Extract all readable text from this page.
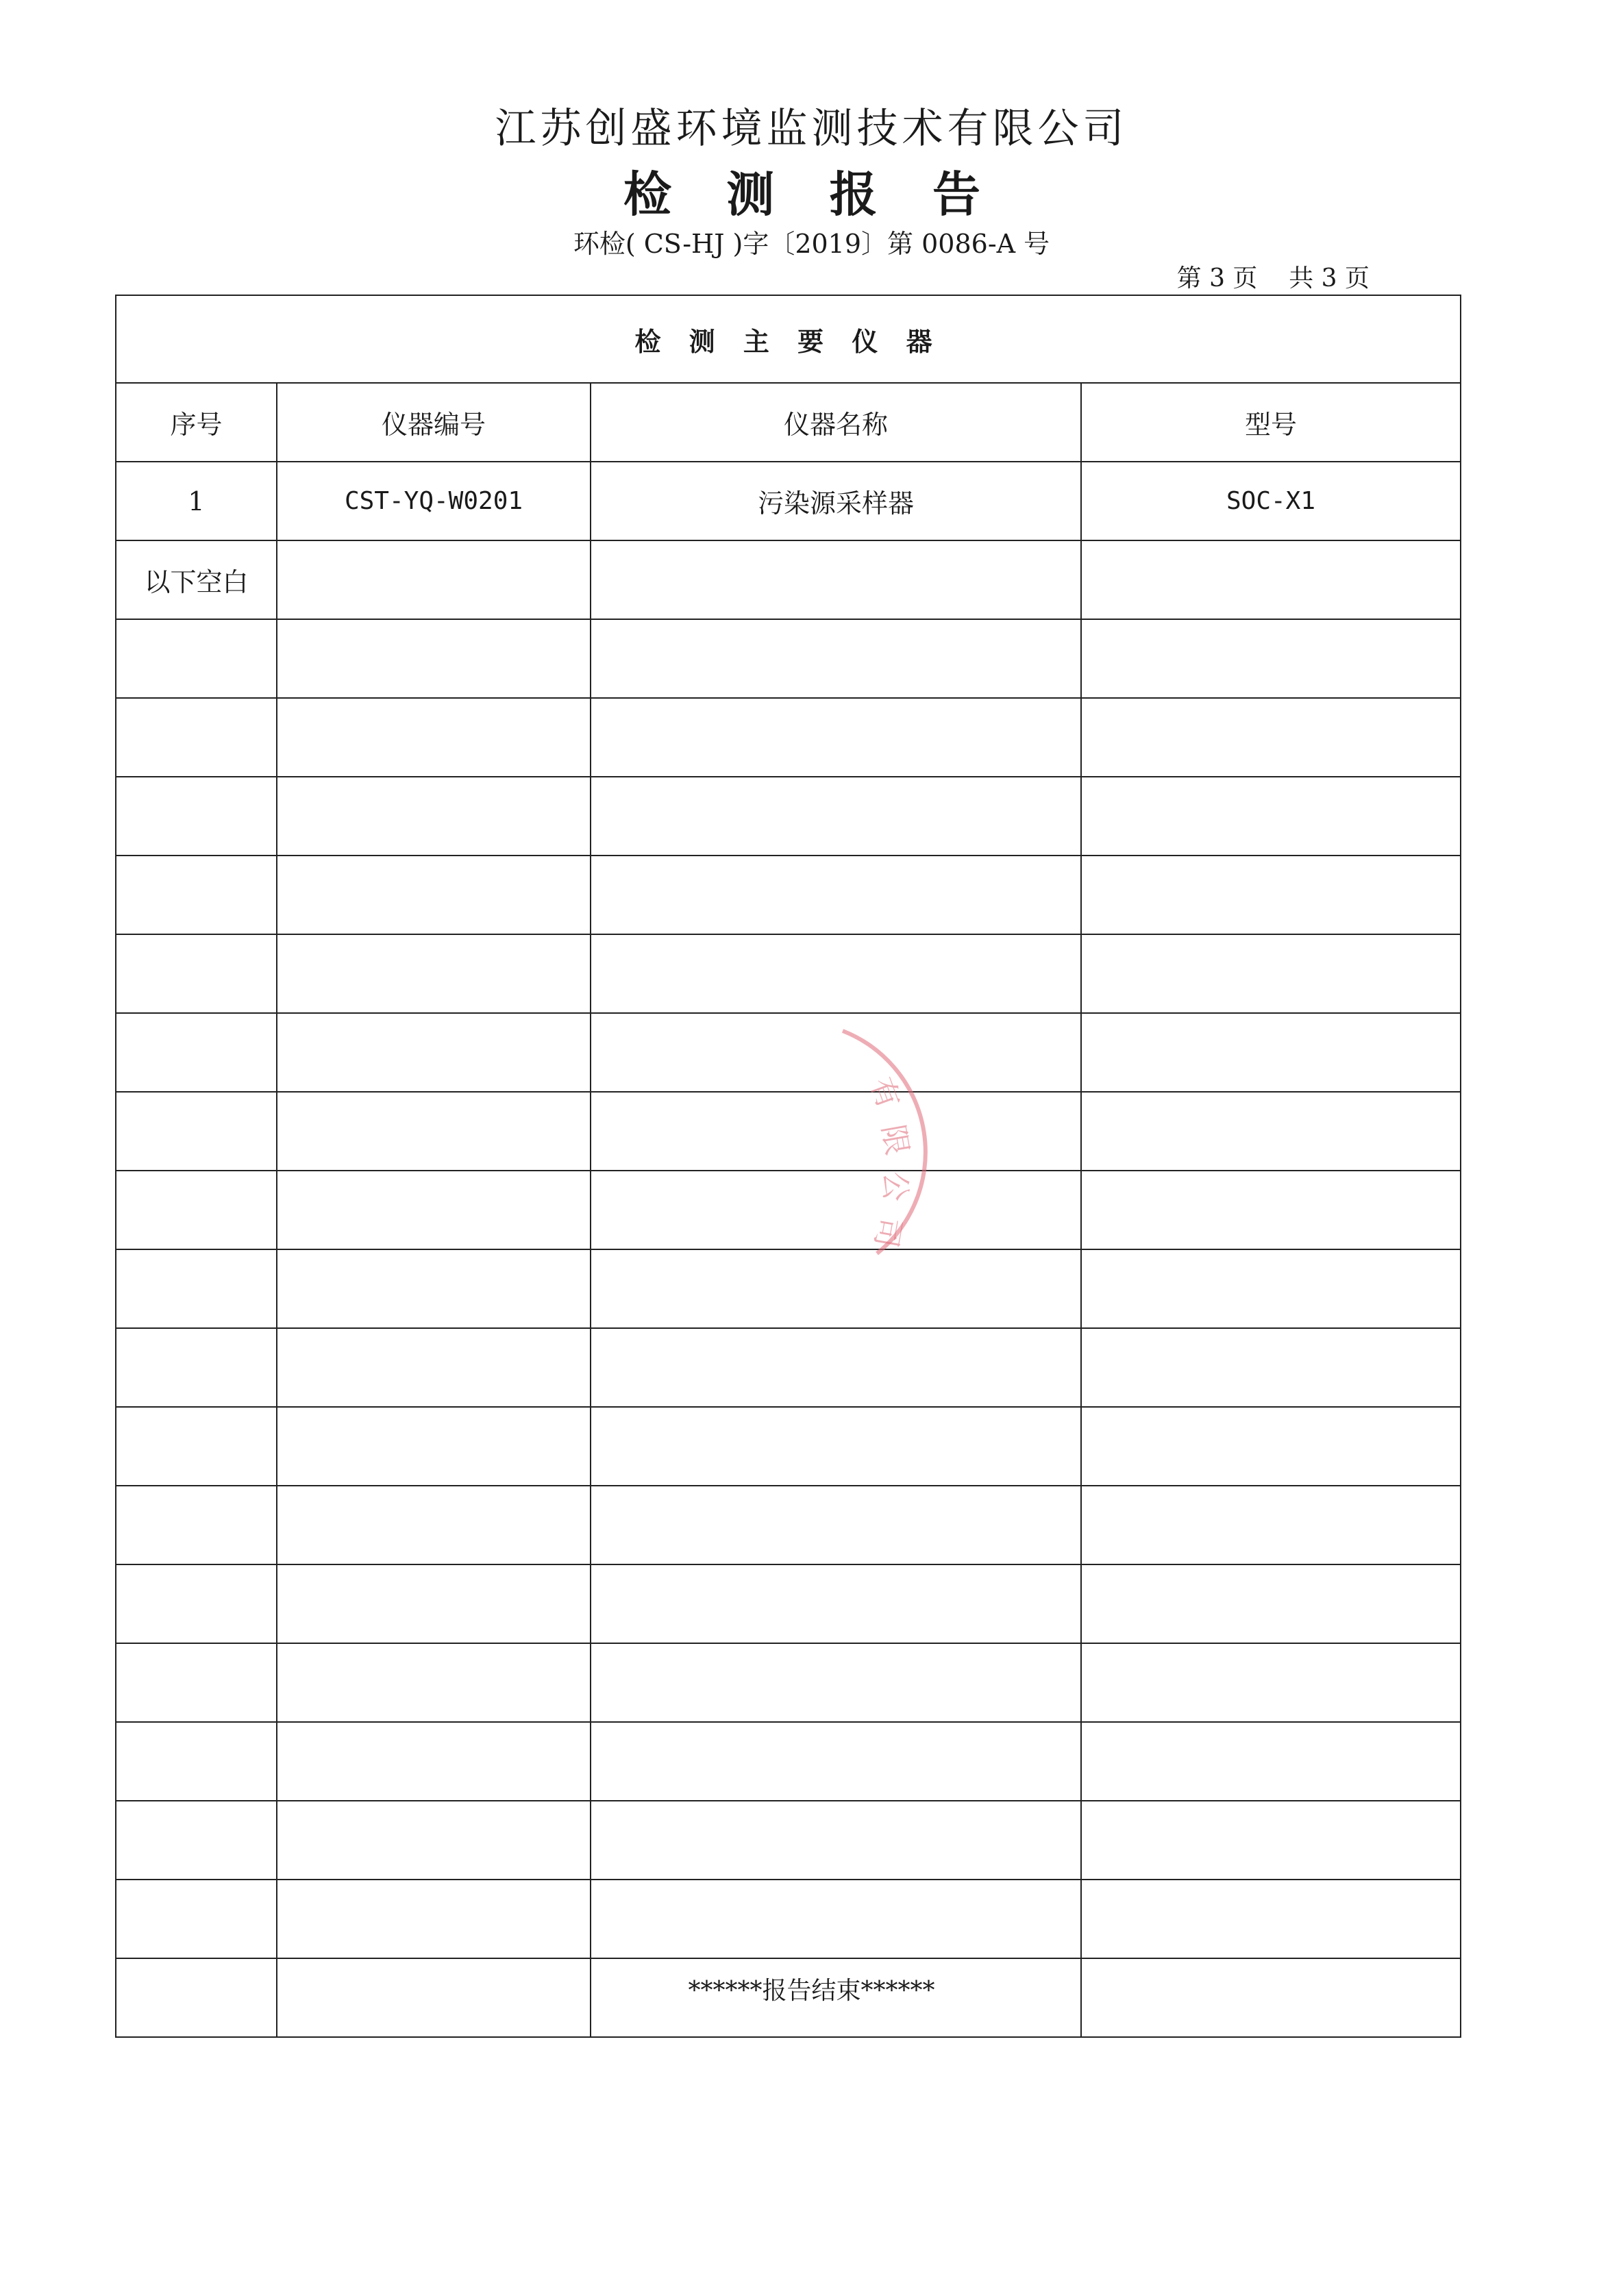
江苏创盛环境监测技术有限公司
检 测 报 告
环检( CS-HJ )字〔2019〕第 0086-A 号
第 3 页    共 3 页
检 测 主 要 仪 器			
序号	仪器编号	仪器名称	型号
1	CST-YQ-W0201	污染源采样器	SOC-X1
以下空白			

******报告结束******
有
限
公
司
